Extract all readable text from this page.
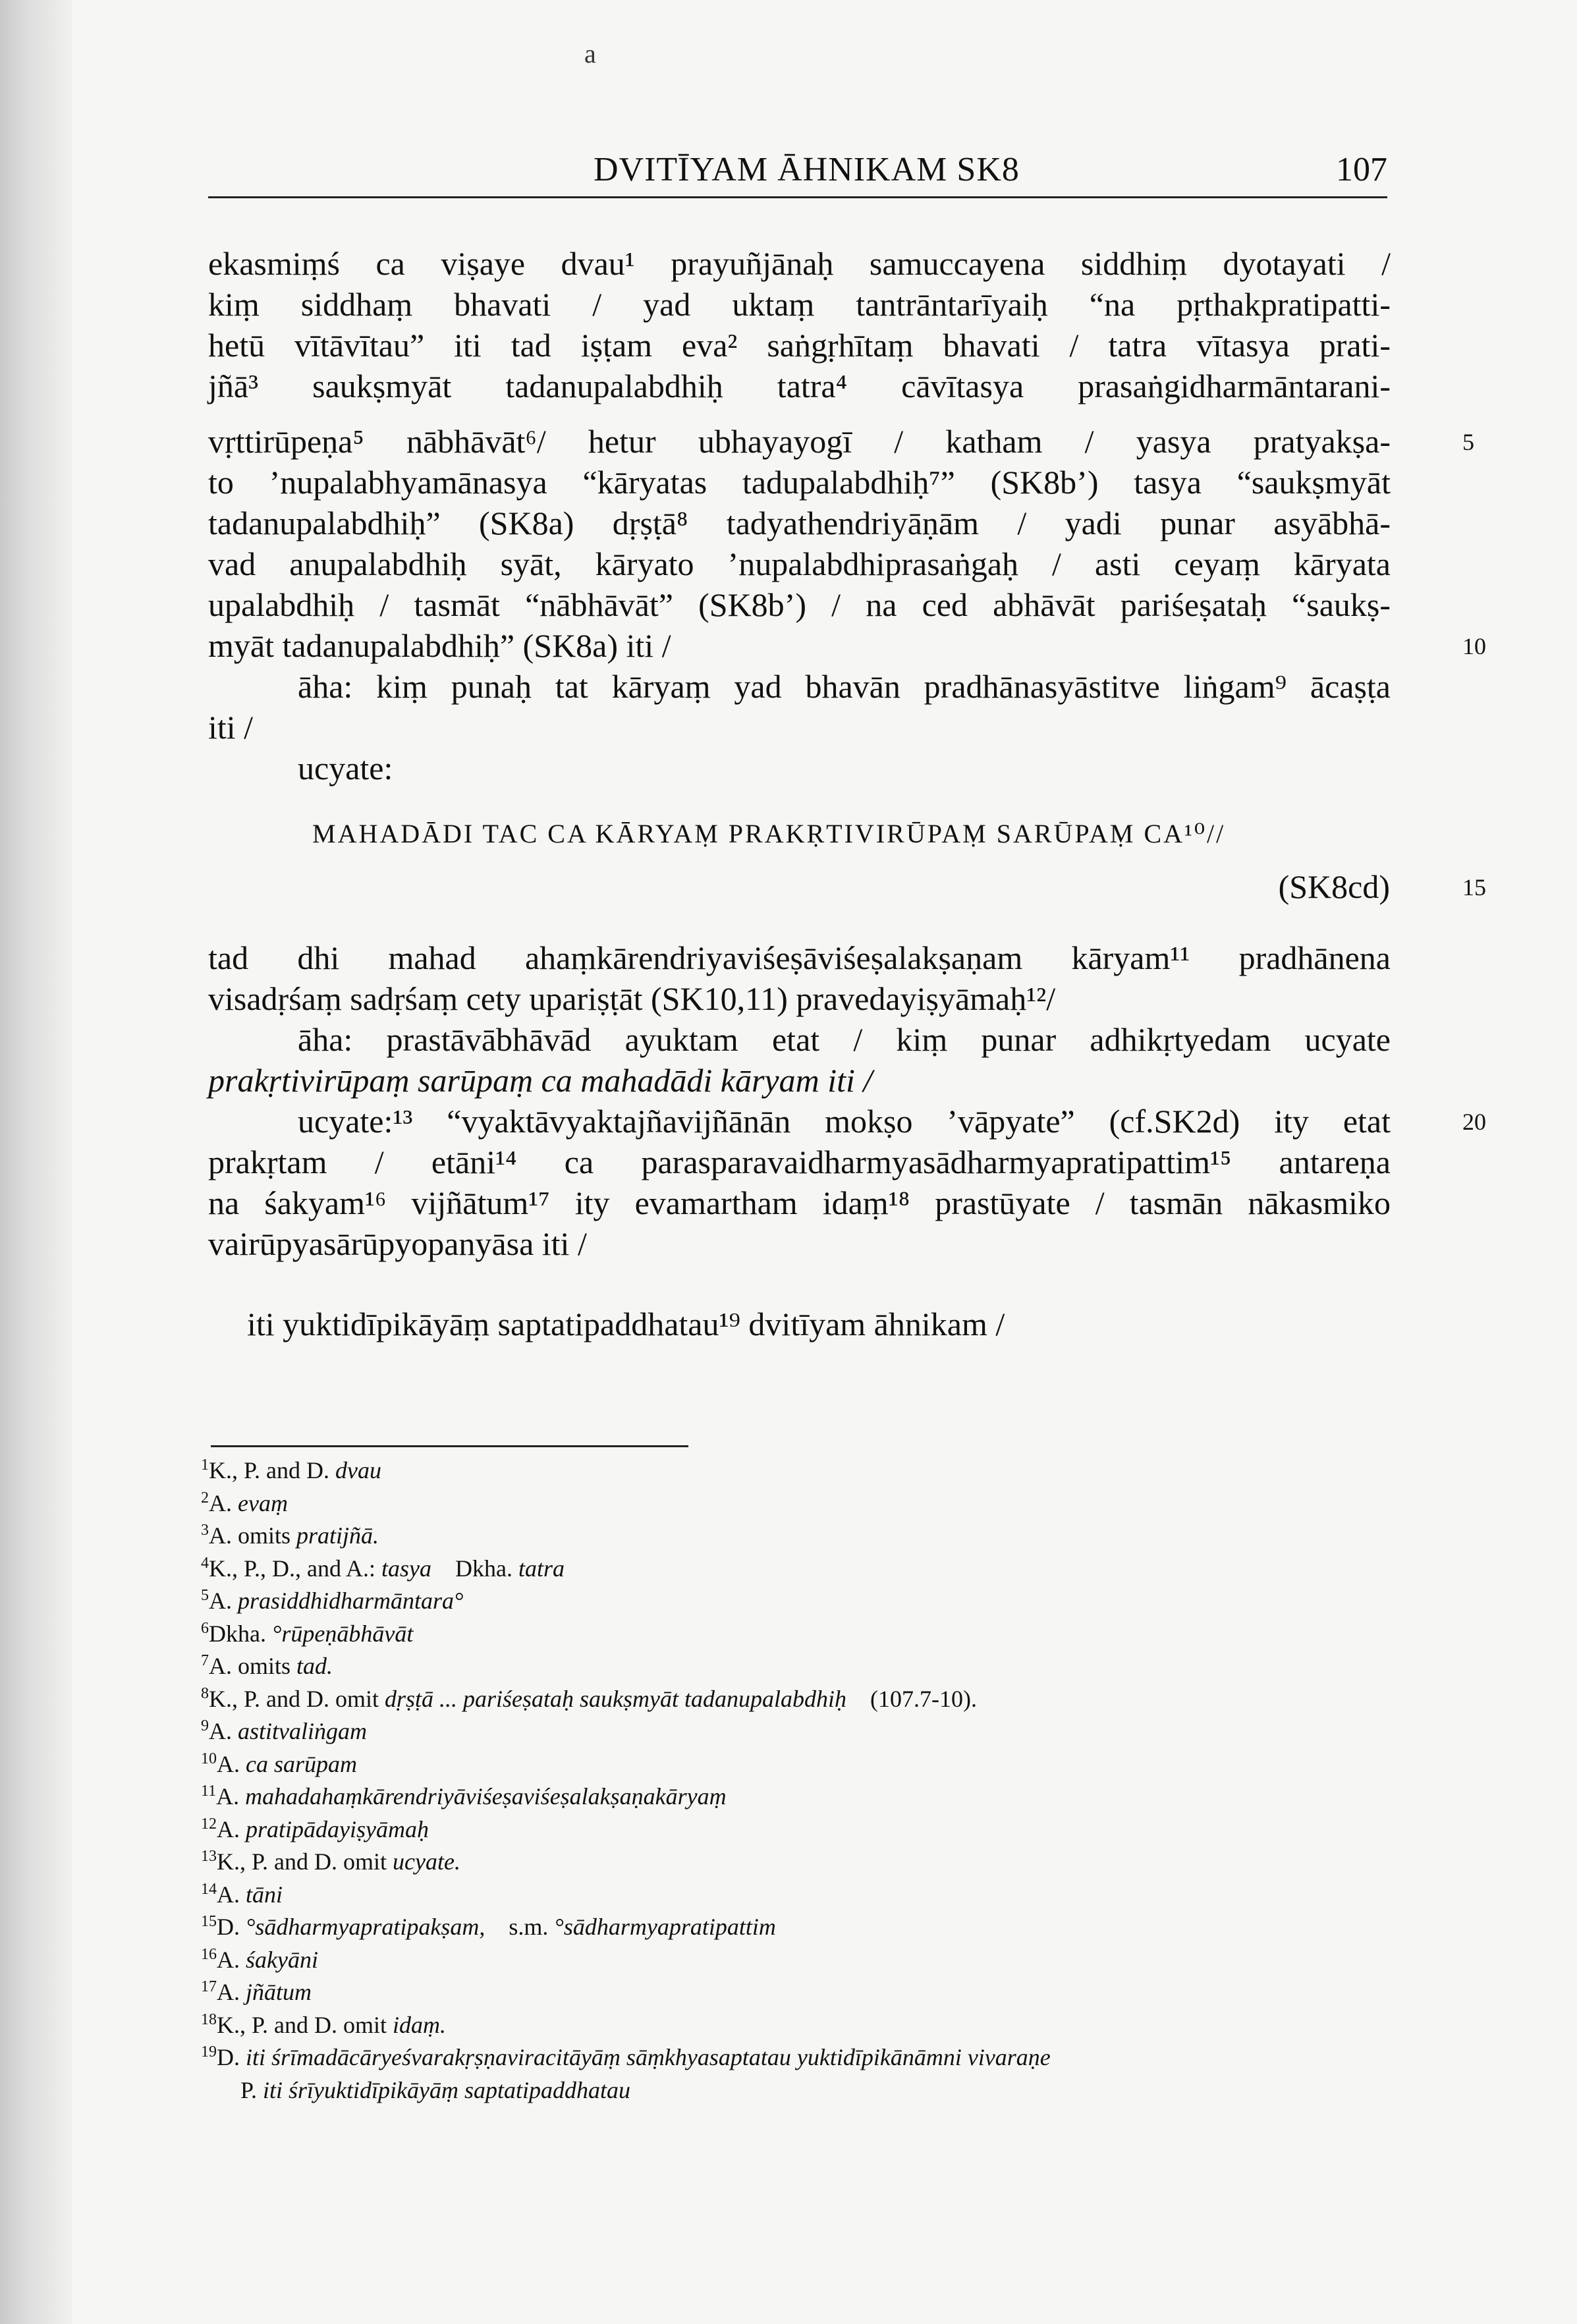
a
DVITĪYAM ĀHNIKAM SK8	107
ekasmiṃś ca viṣaye dvau¹ prayuñjānaḥ samuccayena siddhiṃ dyotayati /
kiṃ siddhaṃ bhavati / yad uktaṃ tantrāntarīyaiḥ “na pṛthakpratipatti-
hetū vītāvītau” iti tad iṣṭam eva² saṅgṛhītaṃ bhavati / tatra vītasya prati-
jñā³ saukṣmyāt tadanupalabdhiḥ tatra⁴ cāvītasya prasaṅgidharmāntarani-
vṛttirūpeṇa⁵ nābhāvāt⁶/ hetur ubhayayogī / katham / yasya pratyakṣa-
to ’nupalabhyamānasya “kāryatas tadupalabdhiḥ⁷” (SK8b’) tasya “saukṣmyāt
tadanupalabdhiḥ” (SK8a) dṛṣṭā⁸ tadyathendriyāṇām / yadi punar asyābhā-
vad anupalabdhiḥ syāt, kāryato ’nupalabdhiprasaṅgaḥ / asti ceyaṃ kāryata
upalabdhiḥ / tasmāt “nābhāvāt” (SK8b’) / na ced abhāvāt pariśeṣataḥ “saukṣ-
myāt tadanupalabdhiḥ” (SK8a) iti /
āha: kiṃ punaḥ tat kāryaṃ yad bhavān pradhānasyāstitve liṅgam⁹ ācaṣṭa
iti /
ucyate:
MAHADĀDI TAC CA KĀRYAṂ PRAKṚTIVIRŪPAṂ SARŪPAṂ CA¹⁰//
(SK8cd)
tad dhi mahad ahaṃkārendriyaviśeṣāviśeṣalakṣaṇam kāryam¹¹ pradhānena
visadṛśaṃ sadṛśaṃ cety upariṣṭāt (SK10,11) pravedayiṣyāmaḥ¹²/
āha: prastāvābhāvād ayuktam etat / kiṃ punar adhikṛtyedam ucyate
prakṛtivirūpaṃ sarūpaṃ ca mahadādi kāryam iti /
ucyate:¹³ “vyaktāvyaktajñavijñānān mokṣo ’vāpyate” (cf.SK2d) ity etat
prakṛtam / etāni¹⁴ ca parasparavaidharmyasādharmyapratipattim¹⁵ antareṇa
na śakyam¹⁶ vijñātum¹⁷ ity evamartham idaṃ¹⁸ prastūyate / tasmān nākasmiko
vairūpyasārūpyopanyāsa iti /
iti yuktidīpikāyāṃ saptatipaddhatau¹⁹ dvitīyam āhnikam /
5
10
15
20
$^1$K., P. and D. dvau
$^2$A. evaṃ
$^3$A. omits pratijñā.
$^4$K., P., D., and A.: tasya Dkha. tatra
$^5$A. prasiddhidharmāntara°
$^6$Dkha. °rūpeṇābhāvāt
$^7$A. omits tad.
$^8$K., P. and D. omit dṛṣṭā ... pariśeṣataḥ saukṣmyāt tadanupalabdhiḥ (107.7-10).
$^9$A. astitvaliṅgam
$^{10}$A. ca sarūpam
$^{11}$A. mahadahaṃkārendriyāviśeṣaviśeṣalakṣaṇakāryaṃ
$^{12}$A. pratipādayiṣyāmaḥ
$^{13}$K., P. and D. omit ucyate.
$^{14}$A. tāni
$^{15}$D. °sādharmyapratipakṣam, s.m. °sādharmyapratipattim
$^{16}$A. śakyāni
$^{17}$A. jñātum
$^{18}$K., P. and D. omit idaṃ.
$^{19}$D. iti śrīmadācāryeśvarakṛṣṇaviracitāyāṃ sāṃkhyasaptatau yuktidīpikānāmni vivaraṇe
P. iti śrīyuktidīpikāyāṃ saptatipaddhatau
